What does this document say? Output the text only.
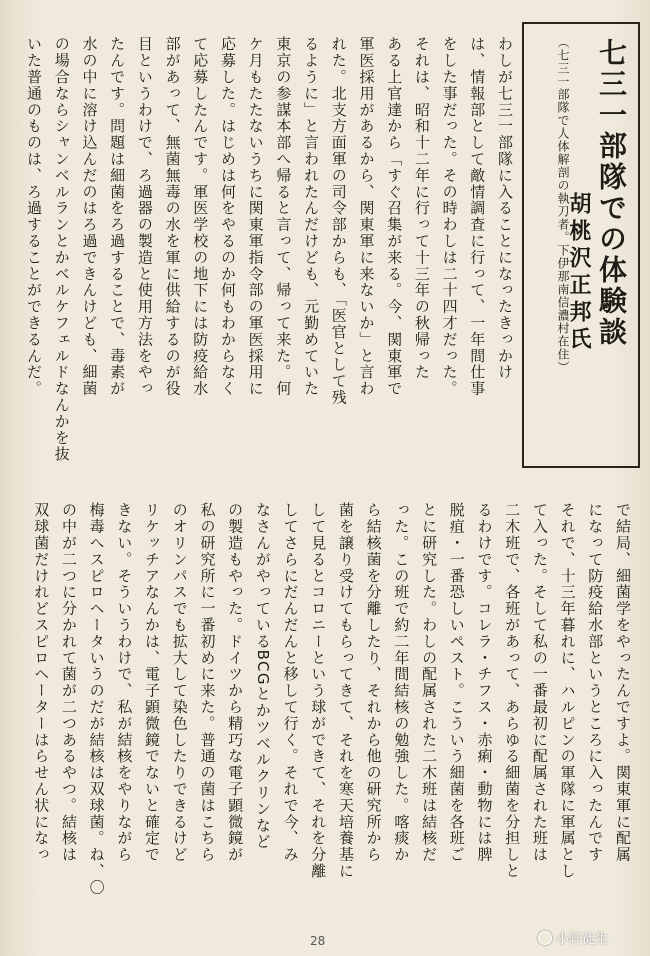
七三一部隊での体験談
（七三一部隊で人体解剖の執刀者。下伊那南信濃村在住）
胡桃沢正邦氏
わしが七三一部隊に入ることになったきっかけ
は、情報部として敵情調査に行って、一年間仕事
をした事だった。その時わしは二十四才だった。
それは、昭和十二年に行って十三年の秋帰った
ある上官達から「すぐ召集が来る。今、関東軍で
軍医採用があるから、関東軍に来ないか」と言わ
れた。北支方面軍の司令部からも、「医官として残
るように」と言われたんだけども、元勤めていた
東京の参謀本部へ帰ると言って、帰って来た。何
ケ月もたたないうちに関東軍指令部の軍医採用に
応募した。はじめは何をやるのか何もわからなく
て応募したんです。軍医学校の地下には防疫給水
部があって、無菌無毒の水を軍に供給するのが役
目というわけで、ろ過器の製造と使用方法をやっ
たんです。問題は細菌をろ過することで、毒素が
水の中に溶け込んだのはろ過できんけども、細菌
の場合ならシャンベルランとかベルケフェルドなんかを抜
いた普通のものは、ろ過することができるんだ。
で結局、細菌学をやったんですよ。関東軍に配属
になって防疫給水部というところに入ったんです
それで、十三年暮れに、ハルピンの軍隊に軍属とし
て入った。そして私の一番最初に配属された班は
二木班で、各班があって、あらゆる細菌を分担しと
るわけです。コレラ・チフス・赤痢・動物には脾
脱疽・一番恐しいペスト。こういう細菌を各班ご
とに研究した。わしの配属された二木班は結核だ
った。この班で約二年間結核の勉強した。喀痰か
ら結核菌を分離したり、それから他の研究所から
菌を譲り受けてもらってきて、それを寒天培養基に
して見るとコロニーという球ができて、それを分離
してさらにだんだんと移して行く。それで今、み
なさんがやっているBCGとかツベルクリンなど
の製造もやった。ドイツから精巧な電子顕微鏡が
私の研究所に一番初めに来た。普通の菌はこちら
のオリンパスでも拡大して染色したりできるけど
リケッチアなんかは、電子顕微鏡でないと確定で
きない。そういうわけで、私が結核をやりながら
梅毒へスピロヘータいうのだが結核は双球菌。ね、〇
の中が二つに分かれて菌が二つあるやつ。結核は
双球菌だけれどスピロヘーターはらせん状になっ
28	小轩徒生
